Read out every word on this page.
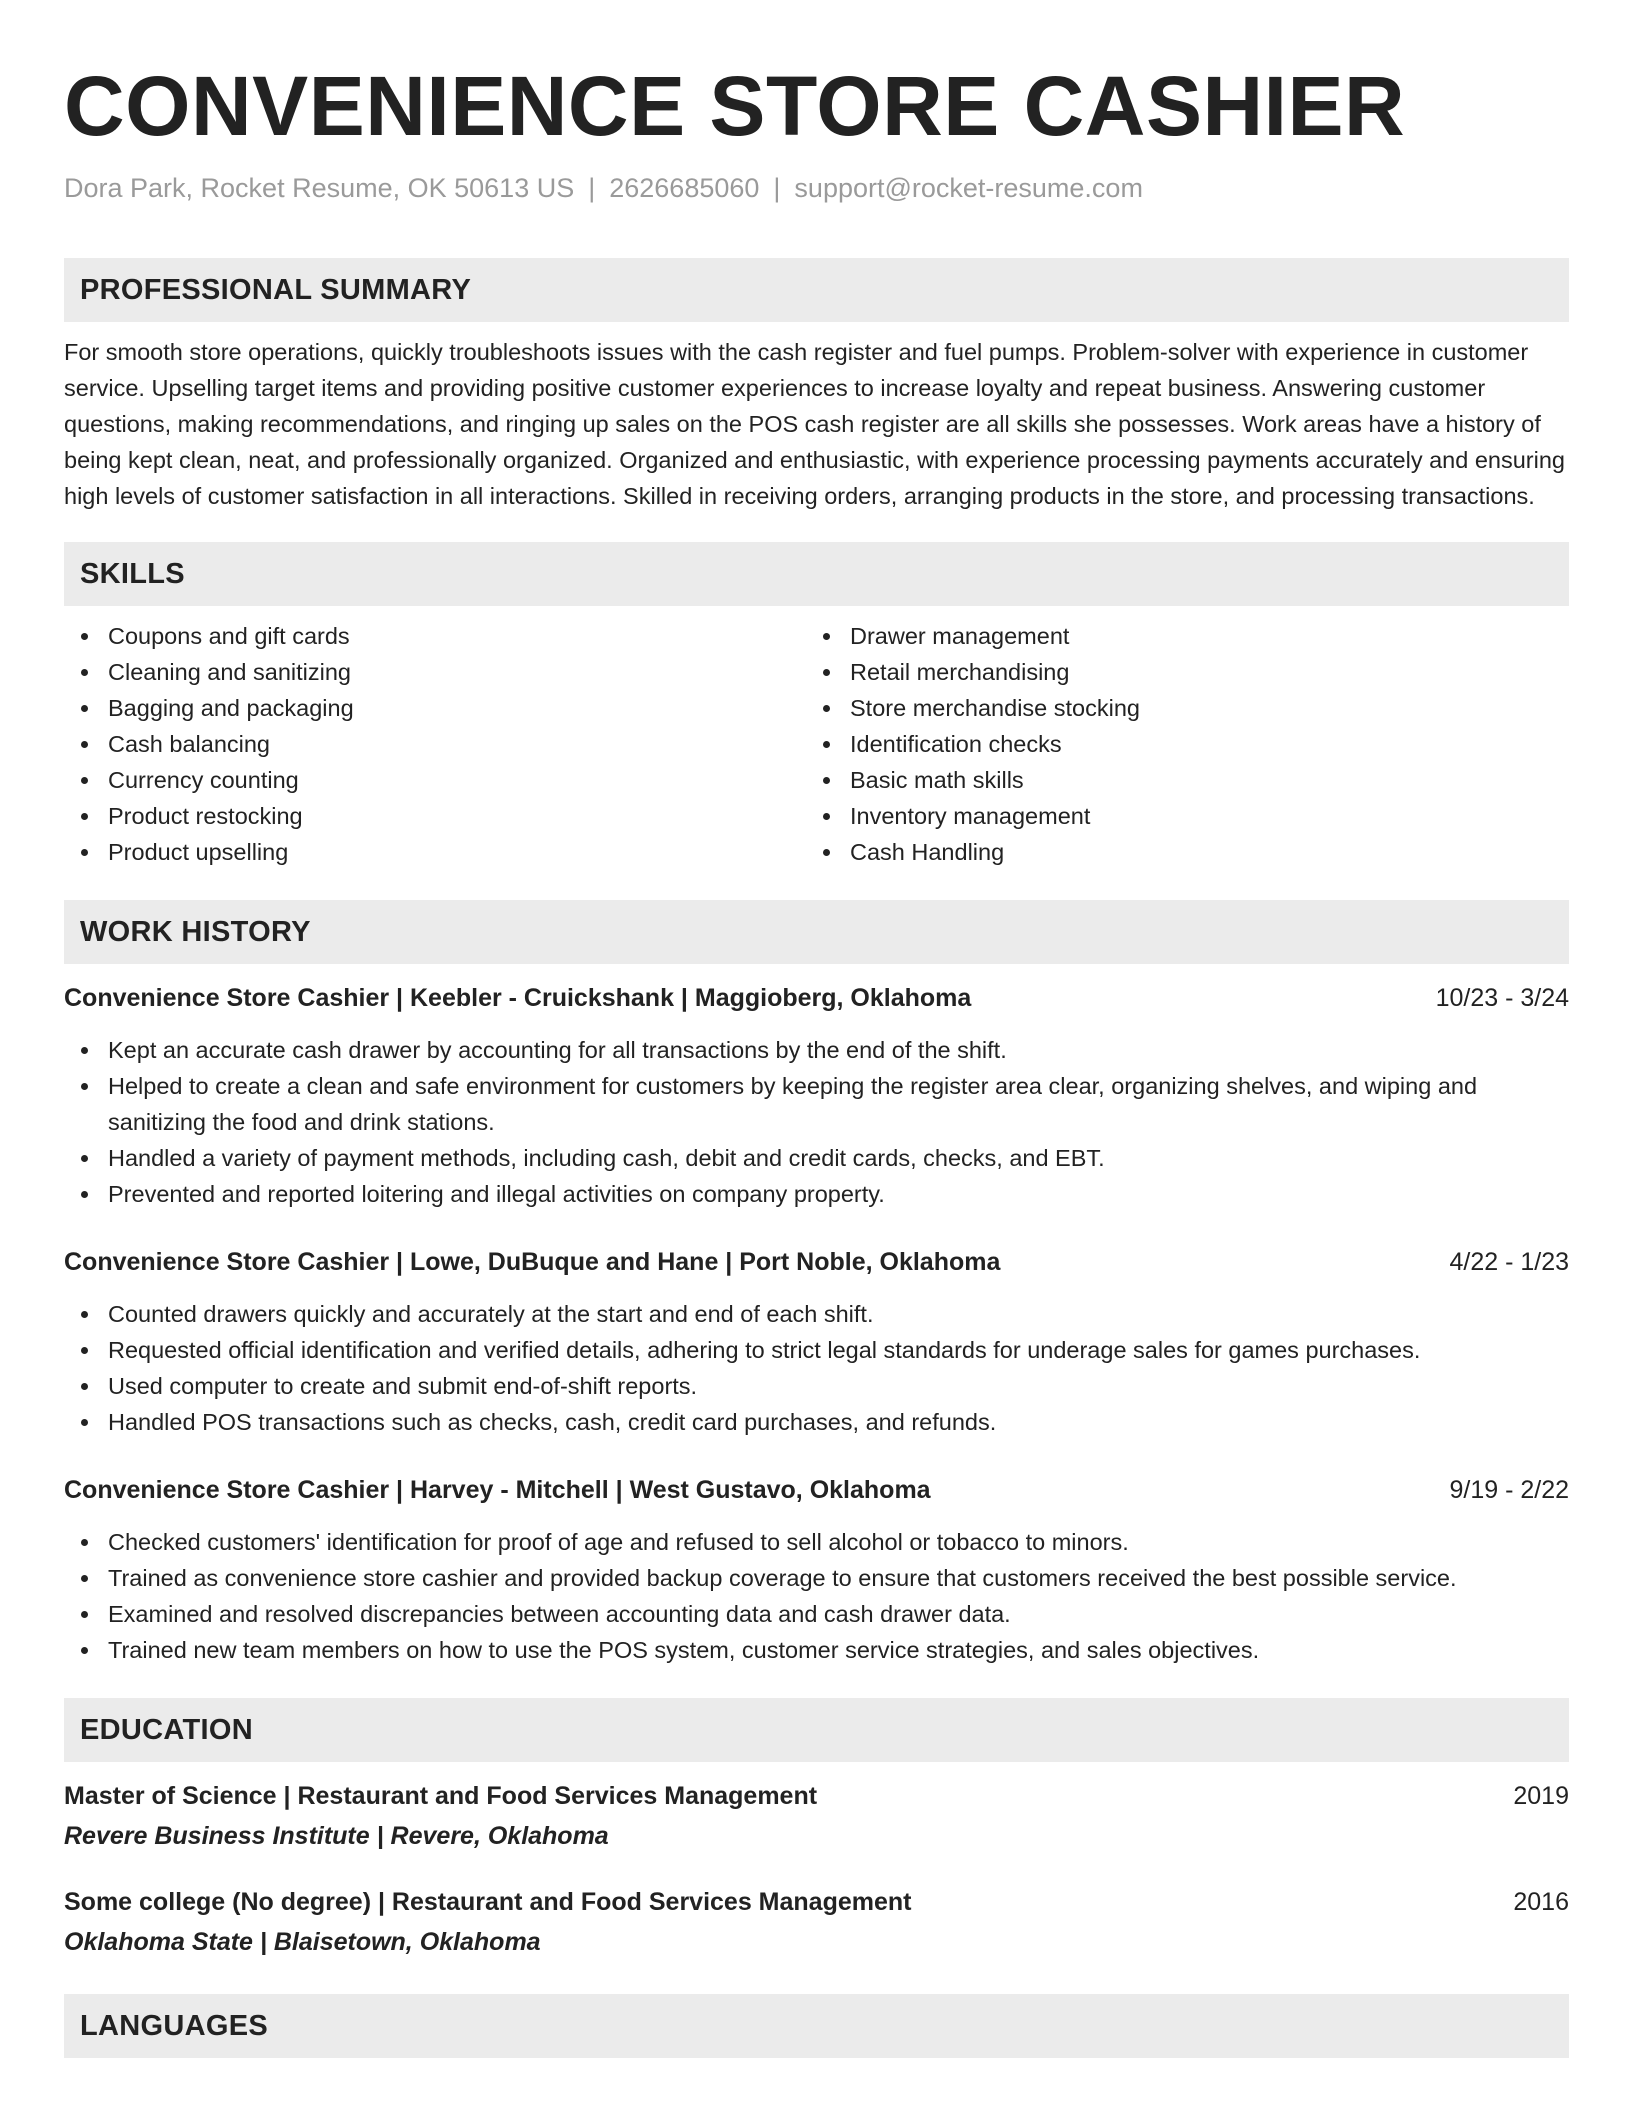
CONVENIENCE STORE CASHIER
Dora Park, Rocket Resume, OK 50613 US | 2626685060 | support@rocket-resume.com
PROFESSIONAL SUMMARY

For smooth store operations, quickly troubleshoots issues with the cash register and fuel pumps. Problem-solver with experience in customer service. Upselling target items and providing positive customer experiences to increase loyalty and repeat business. Answering customer questions, making recommendations, and ringing up sales on the POS cash register are all skills she possesses. Work areas have a history of being kept clean, neat, and professionally organized. Organized and enthusiastic, with experience processing payments accurately and ensuring high levels of customer satisfaction in all interactions. Skilled in receiving orders, arranging products in the store, and processing transactions.

SKILLS
Coupons and gift cards
Cleaning and sanitizing
Bagging and packaging
Cash balancing
Currency counting
Product restocking
Product upselling
Drawer management
Retail merchandising
Store merchandise stocking
Identification checks
Basic math skills
Inventory management
Cash Handling
WORK HISTORY
Convenience Store Cashier | Keebler - Cruickshank | Maggioberg, Oklahoma	10/23 - 3/24
Kept an accurate cash drawer by accounting for all transactions by the end of the shift.
Helped to create a clean and safe environment for customers by keeping the register area clear, organizing shelves, and wiping and sanitizing the food and drink stations.
Handled a variety of payment methods, including cash, debit and credit cards, checks, and EBT.
Prevented and reported loitering and illegal activities on company property.
Convenience Store Cashier | Lowe, DuBuque and Hane | Port Noble, Oklahoma	4/22 - 1/23
Counted drawers quickly and accurately at the start and end of each shift.
Requested official identification and verified details, adhering to strict legal standards for underage sales for games purchases.
Used computer to create and submit end-of-shift reports.
Handled POS transactions such as checks, cash, credit card purchases, and refunds.
Convenience Store Cashier | Harvey - Mitchell | West Gustavo, Oklahoma	9/19 - 2/22
Checked customers' identification for proof of age and refused to sell alcohol or tobacco to minors.
Trained as convenience store cashier and provided backup coverage to ensure that customers received the best possible service.
Examined and resolved discrepancies between accounting data and cash drawer data.
Trained new team members on how to use the POS system, customer service strategies, and sales objectives.
EDUCATION
Master of Science | Restaurant and Food Services Management	2019
Revere Business Institute | Revere, Oklahoma
Some college (No degree) | Restaurant and Food Services Management	2016
Oklahoma State | Blaisetown, Oklahoma
LANGUAGES
